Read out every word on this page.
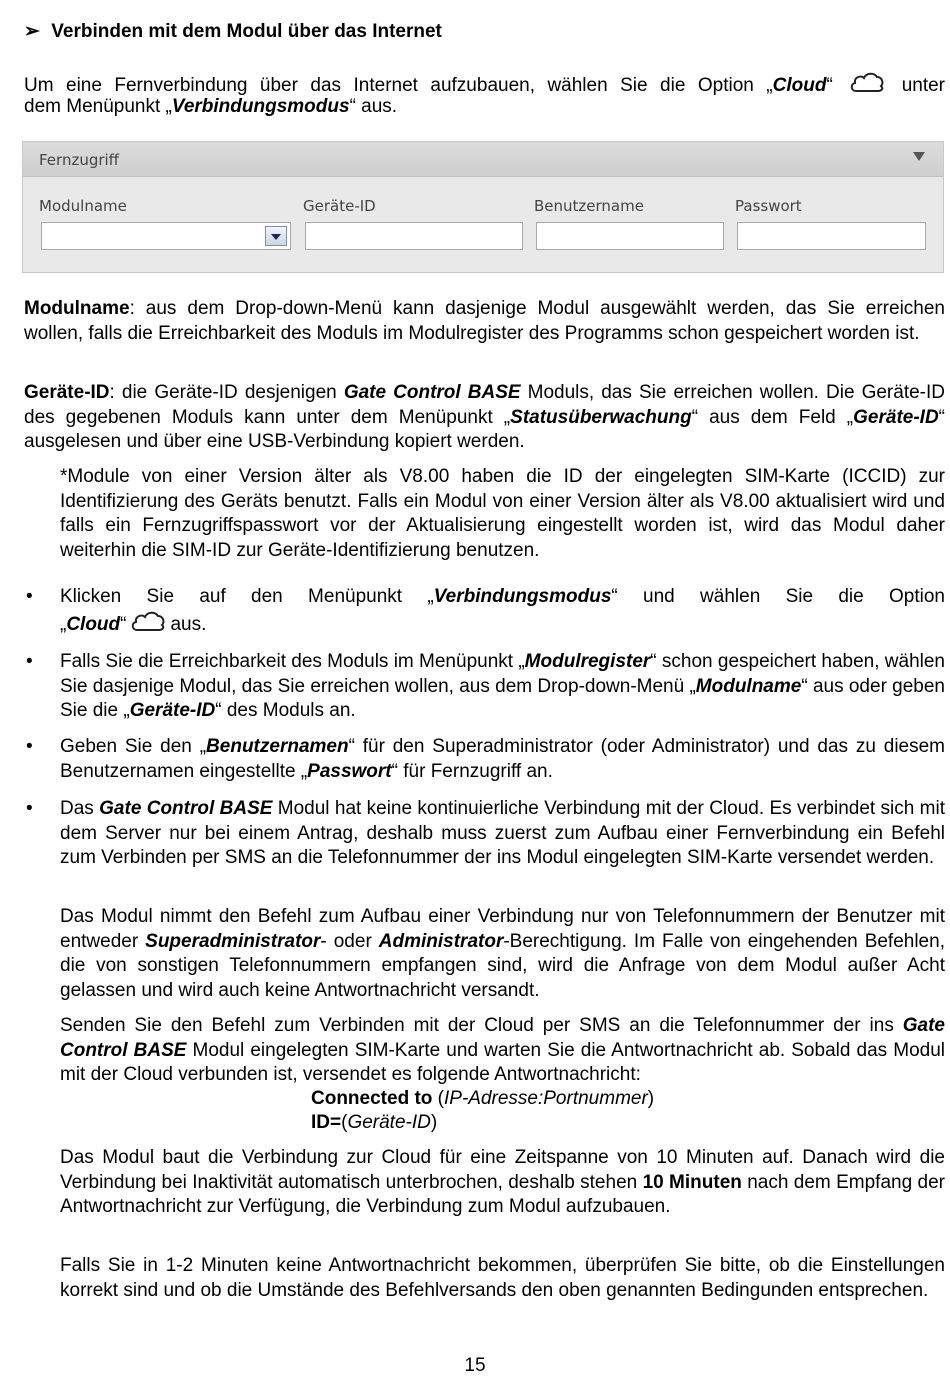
➢ Verbinden mit dem Modul über das Internet
Um eine Fernverbindung über das Internet aufzubauen, wählen Sie die Option „Cloud“	unter
dem Menüpunkt „Verbindungsmodus“ aus.
Fernzugriff
Modulname	Geräte-ID	Benutzername	Passwort
Modulname: aus dem Drop-down-Menü kann dasjenige Modul ausgewählt werden, das Sie erreichen wollen, falls die Erreichbarkeit des Moduls im Modulregister des Programms schon gespeichert worden ist.
Geräte-ID: die Geräte-ID desjenigen Gate Control BASE Moduls, das Sie erreichen wollen. Die Geräte-ID des gegebenen Moduls kann unter dem Menüpunkt „Statusüberwachung“ aus dem Feld „Geräte-ID“ ausgelesen und über eine USB-Verbindung kopiert werden.
*Module von einer Version älter als V8.00 haben die ID der eingelegten SIM-Karte (ICCID) zur Identifizierung des Geräts benutzt. Falls ein Modul von einer Version älter als V8.00 aktualisiert wird und falls ein Fernzugriffspasswort vor der Aktualisierung eingestellt worden ist, wird das Modul daher weiterhin die SIM-ID zur Geräte-Identifizierung benutzen.
• Klicken Sie auf den Menüpunkt „Verbindungsmodus“ und wählen Sie die Option
„Cloud“ aus.
• Falls Sie die Erreichbarkeit des Moduls im Menüpunkt „Modulregister“ schon gespeichert haben, wählen Sie dasjenige Modul, das Sie erreichen wollen, aus dem Drop-down-Menü „Modulname“ aus oder geben Sie die „Geräte-ID“ des Moduls an.
• Geben Sie den „Benutzernamen“ für den Superadministrator (oder Administrator) und das zu diesem Benutzernamen eingestellte „Passwort“ für Fernzugriff an.
• Das Gate Control BASE Modul hat keine kontinuierliche Verbindung mit der Cloud. Es verbindet sich mit dem Server nur bei einem Antrag, deshalb muss zuerst zum Aufbau einer Fernverbindung ein Befehl zum Verbinden per SMS an die Telefonnummer der ins Modul eingelegten SIM-Karte versendet werden.
Das Modul nimmt den Befehl zum Aufbau einer Verbindung nur von Telefonnummern der Benutzer mit entweder Superadministrator- oder Administrator-Berechtigung. Im Falle von eingehenden Befehlen, die von sonstigen Telefonnummern empfangen sind, wird die Anfrage von dem Modul außer Acht gelassen und wird auch keine Antwortnachricht versandt.
Senden Sie den Befehl zum Verbinden mit der Cloud per SMS an die Telefonnummer der ins Gate Control BASE Modul eingelegten SIM-Karte und warten Sie die Antwortnachricht ab. Sobald das Modul mit der Cloud verbunden ist, versendet es folgende Antwortnachricht:
Connected to (IP-Adresse:Portnummer)
ID=(Geräte-ID)
Das Modul baut die Verbindung zur Cloud für eine Zeitspanne von 10 Minuten auf. Danach wird die Verbindung bei Inaktivität automatisch unterbrochen, deshalb stehen 10 Minuten nach dem Empfang der Antwortnachricht zur Verfügung, die Verbindung zum Modul aufzubauen.
Falls Sie in 1-2 Minuten keine Antwortnachricht bekommen, überprüfen Sie bitte, ob die Einstellungen korrekt sind und ob die Umstände des Befehlversands den oben genannten Bedingunden entsprechen.
15
